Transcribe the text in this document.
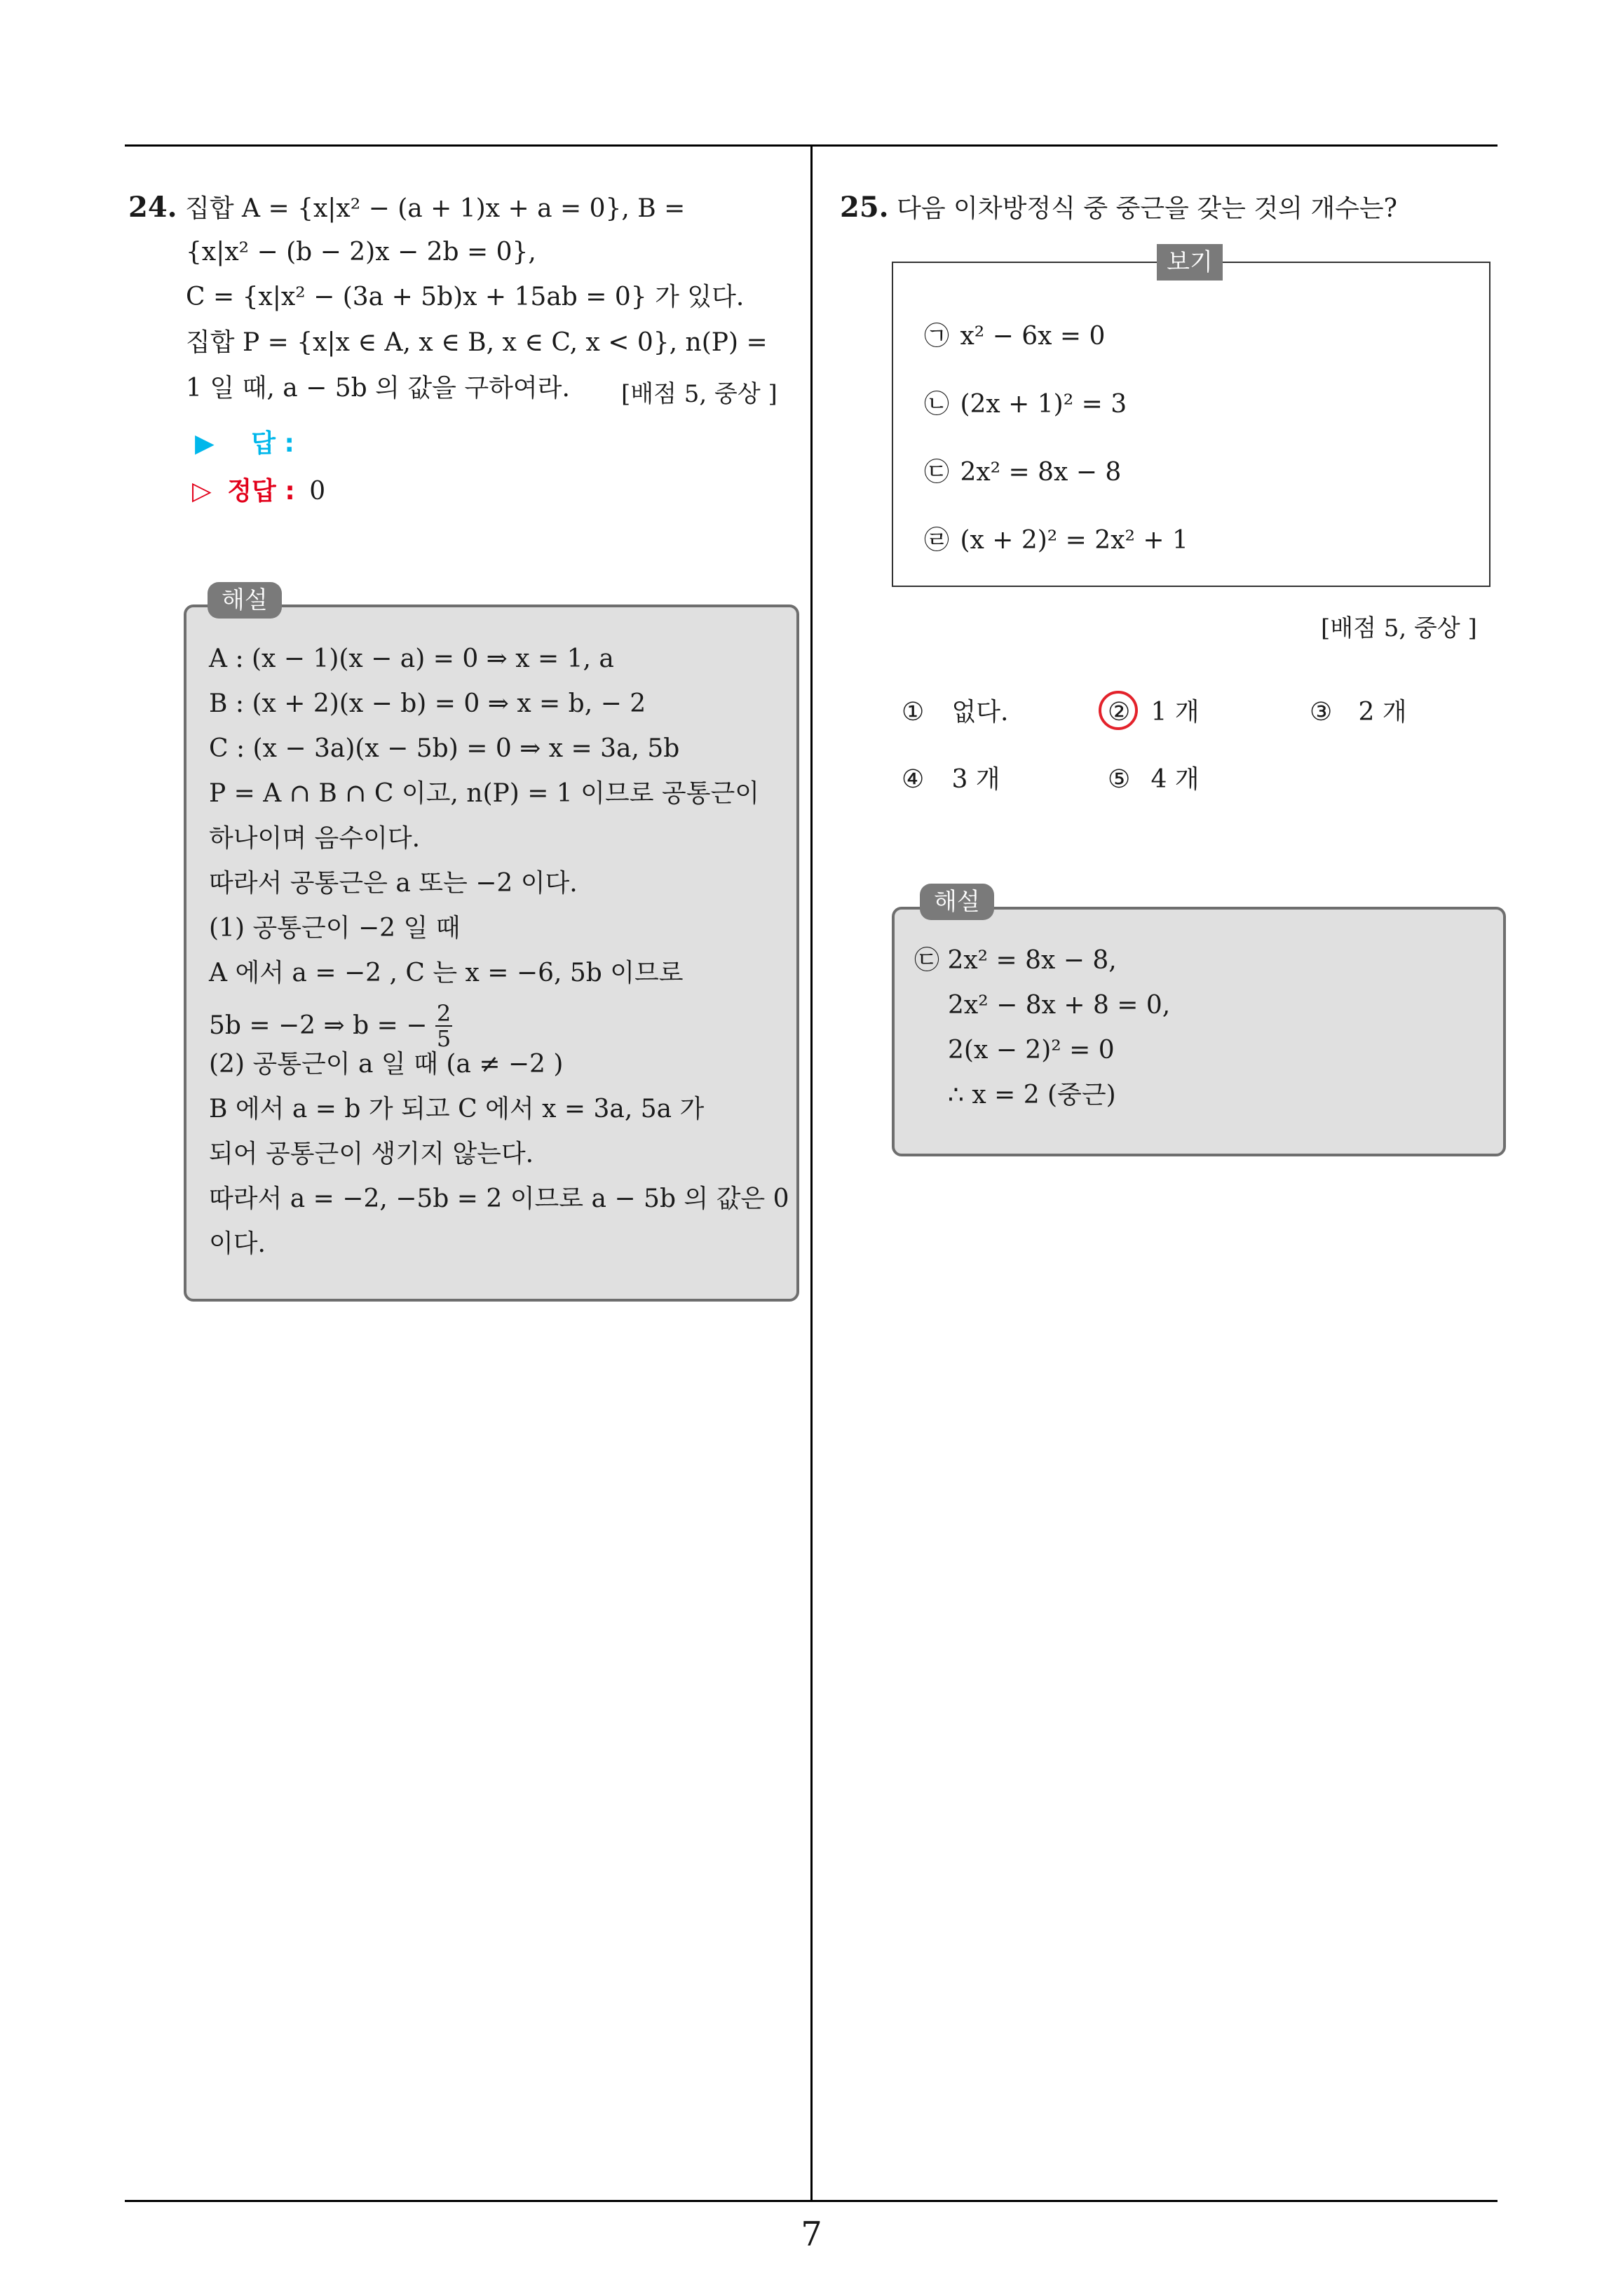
7
24. 집합 A = {x|x² − (a + 1)x + a = 0}, B =
{x|x² − (b − 2)x − 2b = 0},
C = {x|x² − (3a + 5b)x + 15ab = 0} 가 있다.
집합 P = {x|x ∈ A, x ∈ B, x ∈ C, x < 0}, n(P) =
1 일 때, a − 5b 의 값을 구하여라. [배점 5, 중상 ]
▶ 답 :
▷ 정답 : 0
해설
A : (x − 1)(x − a) = 0 ⇒ x = 1, a
B : (x + 2)(x − b) = 0 ⇒ x = b, − 2
C : (x − 3a)(x − 5b) = 0 ⇒ x = 3a, 5b
P = A ∩ B ∩ C 이고, n(P) = 1 이므로 공통근이
하나이며 음수이다.
따라서 공통근은 a 또는 −2 이다.
(1) 공통근이 −2 일 때
A 에서 a = −2 , C 는 x = −6, 5b 이므로
5b = −2 ⇒ b = − $\frac{2}{5}$
(2) 공통근이 a 일 때 (a ≠ −2 )
B 에서 a = b 가 되고 C 에서 x = 3a, 5a 가
되어 공통근이 생기지 않는다.
따라서 a = −2, −5b = 2 이므로 a − 5b 의 값은 0
이다.
25. 다음 이차방정식 중 중근을 갖는 것의 개수는?
보기
㉠ x² − 6x = 0
㉡ (2x + 1)² = 3
㉢ 2x² = 8x − 8
㉣ (x + 2)² = 2x² + 1
[배점 5, 중상 ]
① 없다.	② 1 개	③ 2 개
④ 3 개	⑤ 4 개
해설
㉢ 2x² = 8x − 8,
2x² − 8x + 8 = 0,
2(x − 2)² = 0
∴ x = 2 (중근)
